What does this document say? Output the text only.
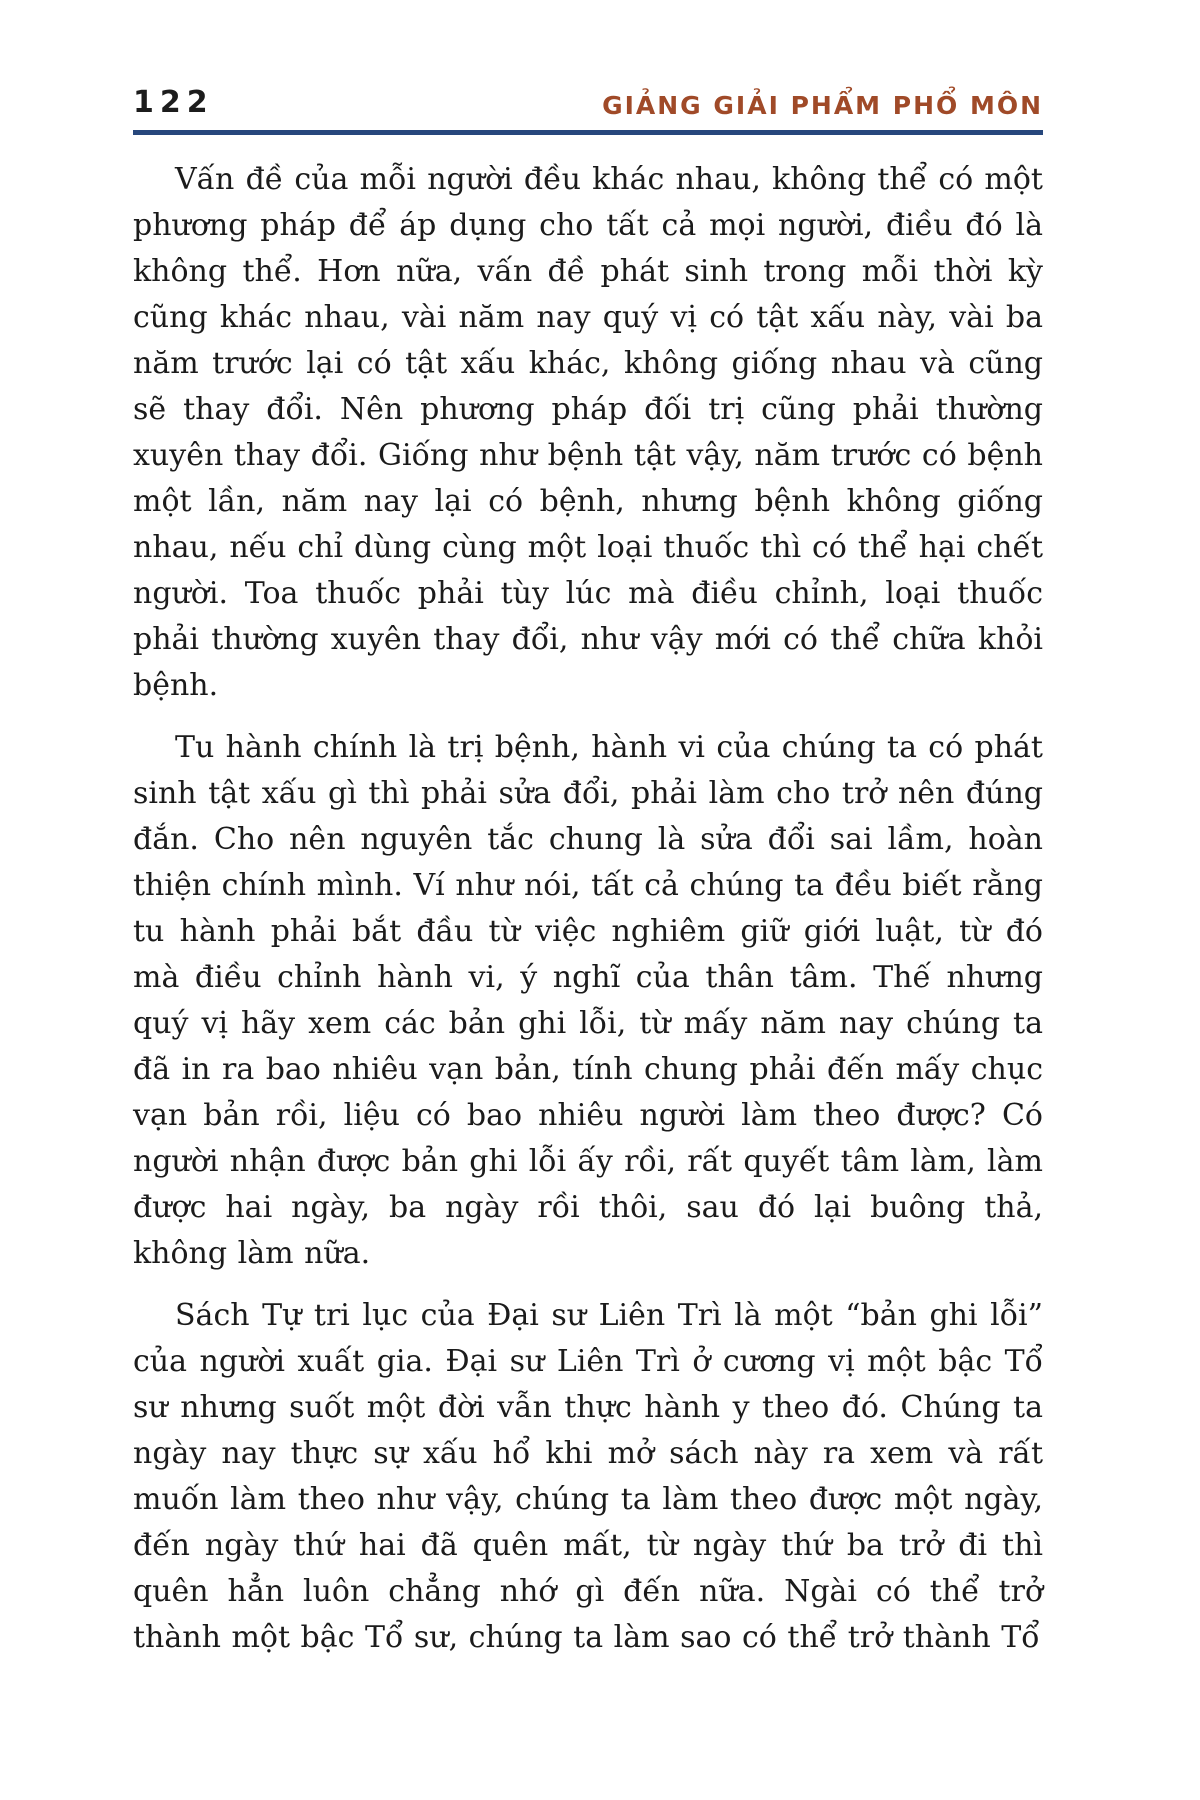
122	GIẢNG GIẢI PHẨM PHỔ MÔN

Vấn đề của mỗi người đều khác nhau, không thể có một phương pháp để áp dụng cho tất cả mọi người, điều đó là không thể. Hơn nữa, vấn đề phát sinh trong mỗi thời kỳ cũng khác nhau, vài năm nay quý vị có tật xấu này, vài ba năm trước lại có tật xấu khác, không giống nhau và cũng sẽ thay đổi. Nên phương pháp đối trị cũng phải thường xuyên thay đổi. Giống như bệnh tật vậy, năm trước có bệnh một lần, năm nay lại có bệnh, nhưng bệnh không giống nhau, nếu chỉ dùng cùng một loại thuốc thì có thể hại chết người. Toa thuốc phải tùy lúc mà điều chỉnh, loại thuốc phải thường xuyên thay đổi, như vậy mới có thể chữa khỏi bệnh.

Tu hành chính là trị bệnh, hành vi của chúng ta có phát sinh tật xấu gì thì phải sửa đổi, phải làm cho trở nên đúng đắn. Cho nên nguyên tắc chung là sửa đổi sai lầm, hoàn thiện chính mình. Ví như nói, tất cả chúng ta đều biết rằng tu hành phải bắt đầu từ việc nghiêm giữ giới luật, từ đó mà điều chỉnh hành vi, ý nghĩ của thân tâm. Thế nhưng quý vị hãy xem các bản ghi lỗi, từ mấy năm nay chúng ta đã in ra bao nhiêu vạn bản, tính chung phải đến mấy chục vạn bản rồi, liệu có bao nhiêu người làm theo được? Có người nhận được bản ghi lỗi ấy rồi, rất quyết tâm làm, làm được hai ngày, ba ngày rồi thôi, sau đó lại buông thả, không làm nữa.

Sách Tự tri lục của Đại sư Liên Trì là một “bản ghi lỗi” của người xuất gia. Đại sư Liên Trì ở cương vị một bậc Tổ sư nhưng suốt một đời vẫn thực hành y theo đó. Chúng ta ngày nay thực sự xấu hổ khi mở sách này ra xem và rất muốn làm theo như vậy, chúng ta làm theo được một ngày, đến ngày thứ hai đã quên mất, từ ngày thứ ba trở đi thì quên hẳn luôn chẳng nhớ gì đến nữa. Ngài có thể trở thành một bậc Tổ sư, chúng ta làm sao có thể trở thành Tổ
